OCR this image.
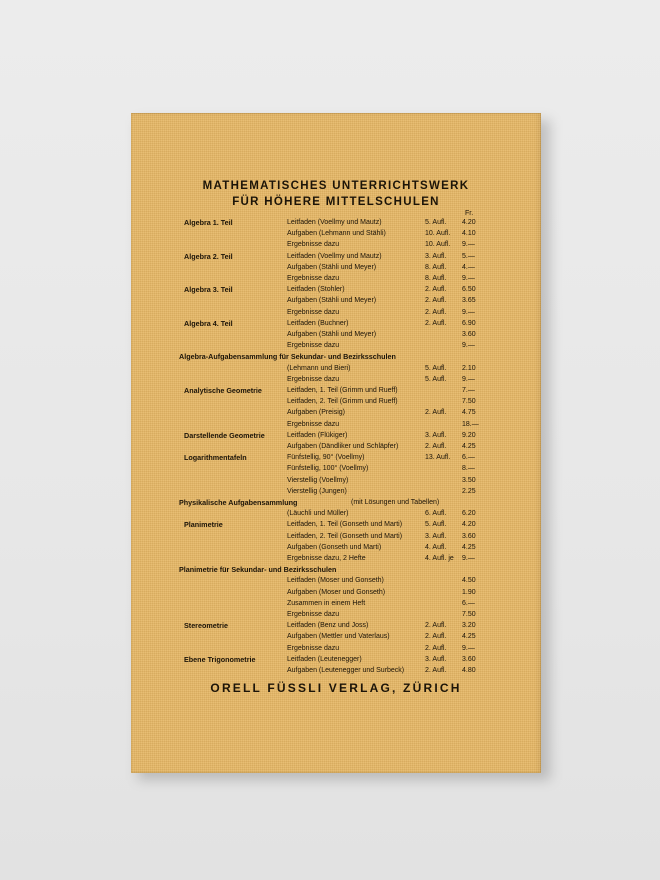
MATHEMATISCHES UNTERRICHTSWERK
FÜR HÖHERE MITTELSCHULEN
Fr.
Algebra 1. Teil	Leitfaden (Voellmy und Mautz)	5. Aufl. 4.20
Aufgaben (Lehmann und Stähli)	10. Aufl. 4.10
Ergebnisse dazu	10. Aufl. 9.—
Algebra 2. Teil	Leitfaden (Voellmy und Mautz)	3. Aufl. 5.—
Aufgaben (Stähli und Meyer)	8. Aufl. 4.—
Ergebnisse dazu	8. Aufl. 9.—
Algebra 3. Teil	Leitfaden (Stohler)	2. Aufl. 6.50
Aufgaben (Stähli und Meyer)	2. Aufl. 3.65
Ergebnisse dazu	2. Aufl. 9.—
Algebra 4. Teil	Leitfaden (Buchner)	2. Aufl. 6.90
Aufgaben (Stähli und Meyer)	3.60
Ergebnisse dazu	9.—
Algebra-Aufgabensammlung für Sekundar- und Bezirksschulen
(Lehmann und Bieri)	5. Aufl. 2.10
Ergebnisse dazu	5. Aufl. 9.—
Analytische Geometrie	Leitfaden, 1. Teil (Grimm und Rueff)	7.—
Leitfaden, 2. Teil (Grimm und Rueff)	7.50
Aufgaben (Preisig)	2. Aufl. 4.75
Ergebnisse dazu	18.—
Darstellende Geometrie	Leitfaden (Flükiger)	3. Aufl. 9.20
Aufgaben (Dändliker und Schläpfer)	2. Aufl. 4.25
Logarithmentafeln	Fünfstellig, 90° (Voellmy)	13. Aufl. 6.—
Fünfstellig, 100° (Voellmy)	8.—
Vierstellig (Voellmy)	3.50
Vierstellig (Jungen)	2.25
Physikalische Aufgabensammlung	(mit Lösungen und Tabellen)
(Läuchli und Müller)	6. Aufl. 6.20
Planimetrie	Leitfaden, 1. Teil (Gonseth und Marti)	5. Aufl. 4.20
Leitfaden, 2. Teil (Gonseth und Marti)	3. Aufl. 3.60
Aufgaben (Gonseth und Marti)	4. Aufl. 4.25
Ergebnisse dazu, 2 Hefte	4. Aufl. je 9.—
Planimetrie für Sekundar- und Bezirksschulen
Leitfaden (Moser und Gonseth)	4.50
Aufgaben (Moser und Gonseth)	1.90
Zusammen in einem Heft	6.—
Ergebnisse dazu	7.50
Stereometrie	Leitfaden (Benz und Joss)	2. Aufl. 3.20
Aufgaben (Mettler und Vaterlaus)	2. Aufl. 4.25
Ergebnisse dazu	2. Aufl. 9.—
Ebene Trigonometrie	Leitfaden (Leutenegger)	3. Aufl. 3.60
Aufgaben (Leutenegger und Surbeck)	2. Aufl. 4.80
ORELL FÜSSLI VERLAG, ZÜRICH
